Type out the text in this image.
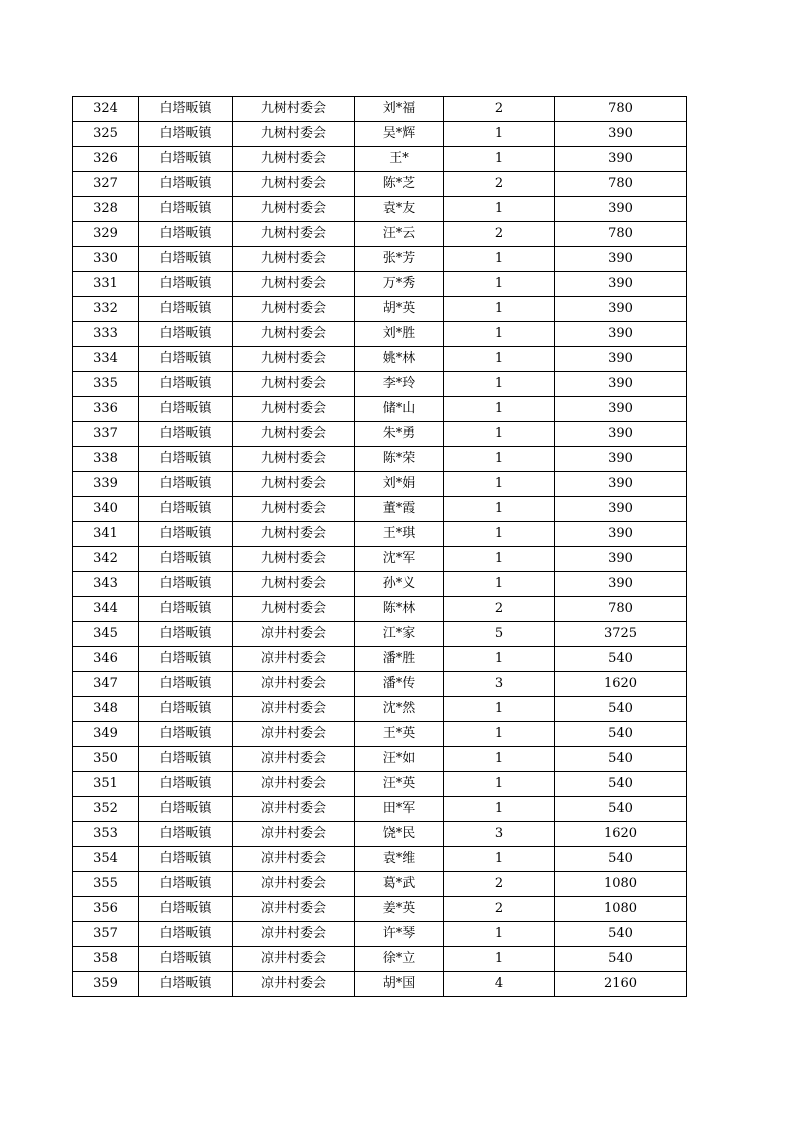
324	白塔畈镇	九树村委会	刘*福	2	780
325	白塔畈镇	九树村委会	吴*辉	1	390
326	白塔畈镇	九树村委会	王*	1	390
327	白塔畈镇	九树村委会	陈*芝	2	780
328	白塔畈镇	九树村委会	袁*友	1	390
329	白塔畈镇	九树村委会	汪*云	2	780
330	白塔畈镇	九树村委会	张*芳	1	390
331	白塔畈镇	九树村委会	万*秀	1	390
332	白塔畈镇	九树村委会	胡*英	1	390
333	白塔畈镇	九树村委会	刘*胜	1	390
334	白塔畈镇	九树村委会	姚*林	1	390
335	白塔畈镇	九树村委会	李*玲	1	390
336	白塔畈镇	九树村委会	储*山	1	390
337	白塔畈镇	九树村委会	朱*勇	1	390
338	白塔畈镇	九树村委会	陈*荣	1	390
339	白塔畈镇	九树村委会	刘*娟	1	390
340	白塔畈镇	九树村委会	董*霞	1	390
341	白塔畈镇	九树村委会	王*琪	1	390
342	白塔畈镇	九树村委会	沈*军	1	390
343	白塔畈镇	九树村委会	孙*义	1	390
344	白塔畈镇	九树村委会	陈*林	2	780
345	白塔畈镇	凉井村委会	江*家	5	3725
346	白塔畈镇	凉井村委会	潘*胜	1	540
347	白塔畈镇	凉井村委会	潘*传	3	1620
348	白塔畈镇	凉井村委会	沈*然	1	540
349	白塔畈镇	凉井村委会	王*英	1	540
350	白塔畈镇	凉井村委会	汪*如	1	540
351	白塔畈镇	凉井村委会	汪*英	1	540
352	白塔畈镇	凉井村委会	田*军	1	540
353	白塔畈镇	凉井村委会	饶*民	3	1620
354	白塔畈镇	凉井村委会	袁*维	1	540
355	白塔畈镇	凉井村委会	葛*武	2	1080
356	白塔畈镇	凉井村委会	姜*英	2	1080
357	白塔畈镇	凉井村委会	许*琴	1	540
358	白塔畈镇	凉井村委会	徐*立	1	540
359	白塔畈镇	凉井村委会	胡*国	4	2160
